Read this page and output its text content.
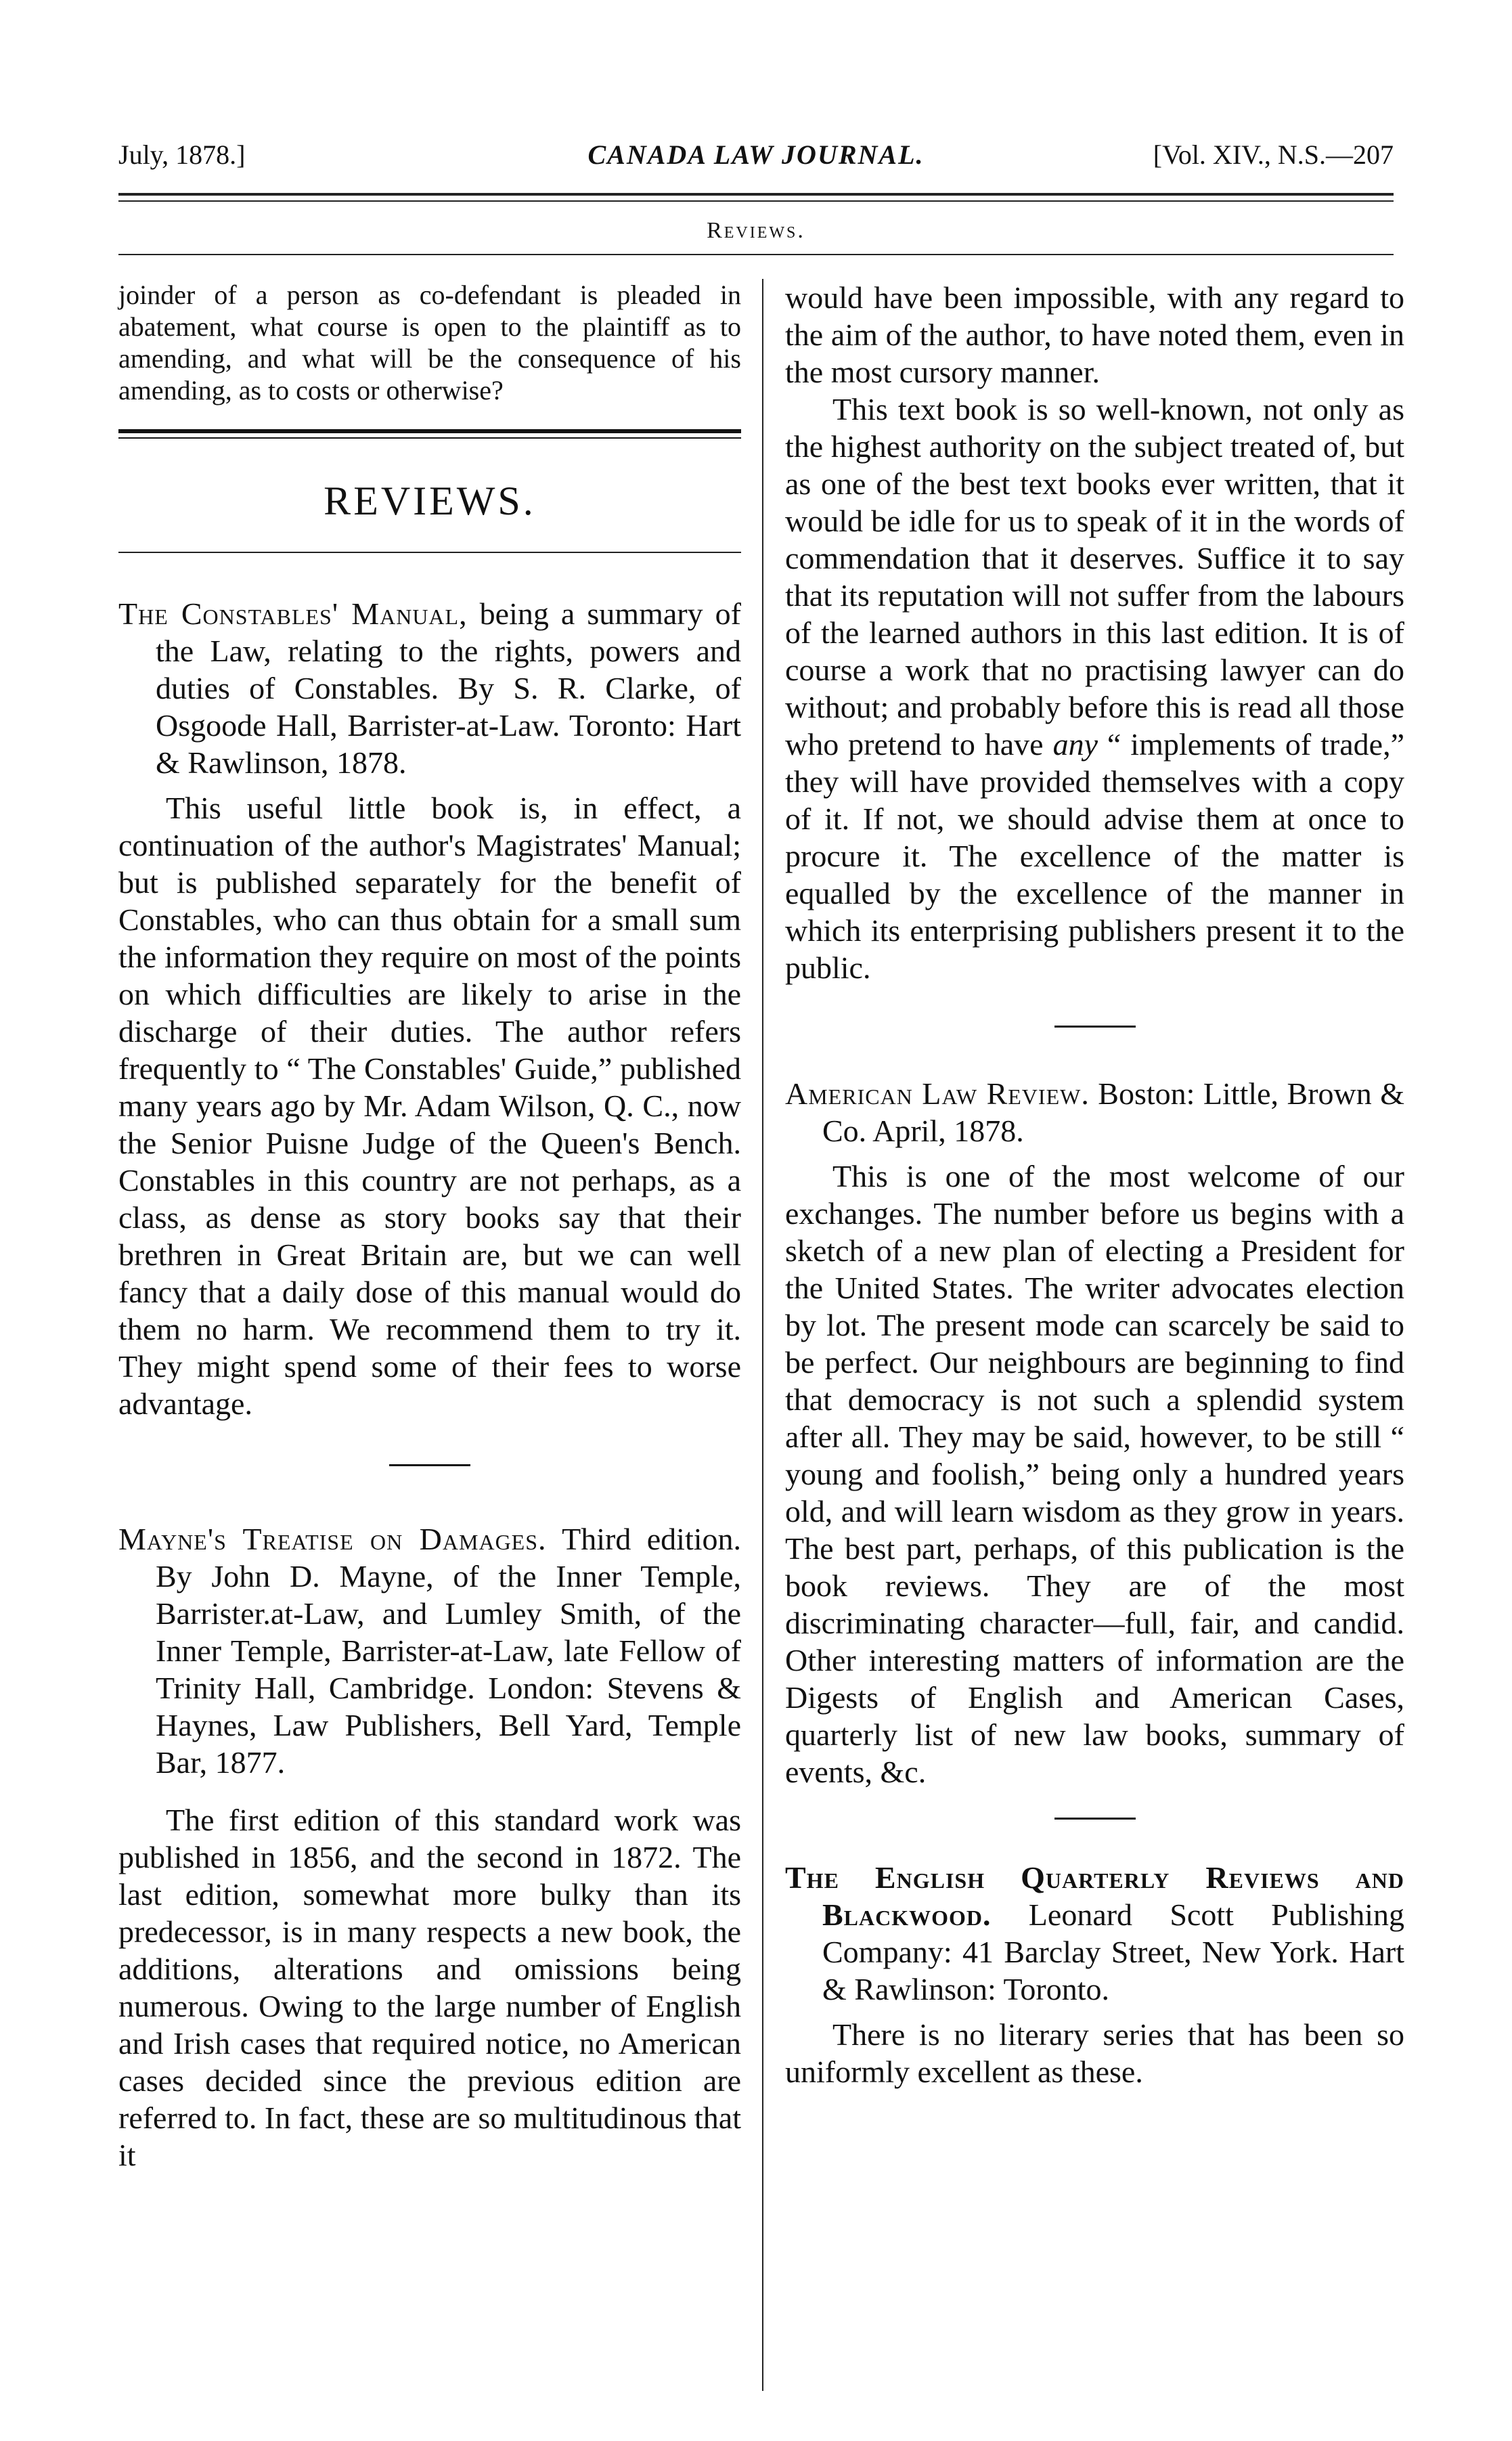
July, 1878.]	CANADA LAW JOURNAL.	[Vol. XIV., N.S.—207
Reviews.

joinder of a person as co-defendant is pleaded in abatement, what course is open to the plaintiff as to amending, and what will be the consequence of his amending, as to costs or otherwise?

REVIEWS.

The Constables' Manual, being a summary of the Law, relating to the rights, powers and duties of Constables. By S. R. Clarke, of Osgoode Hall, Barrister-at-Law. Toronto: Hart & Rawlinson, 1878.

This useful little book is, in effect, a continuation of the author's Magistrates' Manual; but is published separately for the benefit of Constables, who can thus obtain for a small sum the information they require on most of the points on which difficulties are likely to arise in the discharge of their duties. The author refers frequently to “ The Constables' Guide,” published many years ago by Mr. Adam Wilson, Q. C., now the Senior Puisne Judge of the Queen's Bench. Constables in this country are not perhaps, as a class, as dense as story books say that their brethren in Great Britain are, but we can well fancy that a daily dose of this manual would do them no harm. We recommend them to try it. They might spend some of their fees to worse advantage.

Mayne's Treatise on Damages. Third edition. By John D. Mayne, of the Inner Temple, Barrister.at-Law, and Lumley Smith, of the Inner Temple, Barrister-at-Law, late Fellow of Trinity Hall, Cambridge. London: Stevens & Haynes, Law Publishers, Bell Yard, Temple Bar, 1877.

The first edition of this standard work was published in 1856, and the second in 1872. The last edition, somewhat more bulky than its predecessor, is in many respects a new book, the additions, alterations and omissions being numerous. Owing to the large number of English and Irish cases that required notice, no American cases decided since the previous edition are referred to. In fact, these are so multitudinous that it

would have been impossible, with any regard to the aim of the author, to have noted them, even in the most cursory manner.

This text book is so well-known, not only as the highest authority on the subject treated of, but as one of the best text books ever written, that it would be idle for us to speak of it in the words of commendation that it deserves. Suffice it to say that its reputation will not suffer from the labours of the learned authors in this last edition. It is of course a work that no practising lawyer can do without; and probably before this is read all those who pretend to have any “ implements of trade,” they will have provided themselves with a copy of it. If not, we should advise them at once to procure it. The excellence of the matter is equalled by the excellence of the manner in which its enterprising publishers present it to the public.

American Law Review. Boston: Little, Brown & Co. April, 1878.

This is one of the most welcome of our exchanges. The number before us begins with a sketch of a new plan of electing a President for the United States. The writer advocates election by lot. The present mode can scarcely be said to be perfect. Our neighbours are beginning to find that democracy is not such a splendid system after all. They may be said, however, to be still “ young and foolish,” being only a hundred years old, and will learn wisdom as they grow in years. The best part, perhaps, of this publication is the book reviews. They are of the most discriminating character—full, fair, and candid. Other interesting matters of information are the Digests of English and American Cases, quarterly list of new law books, summary of events, &c.

The English Quarterly Reviews and Blackwood. Leonard Scott Publishing Company: 41 Barclay Street, New York. Hart & Rawlinson: Toronto.

There is no literary series that has been so uniformly excellent as these.
